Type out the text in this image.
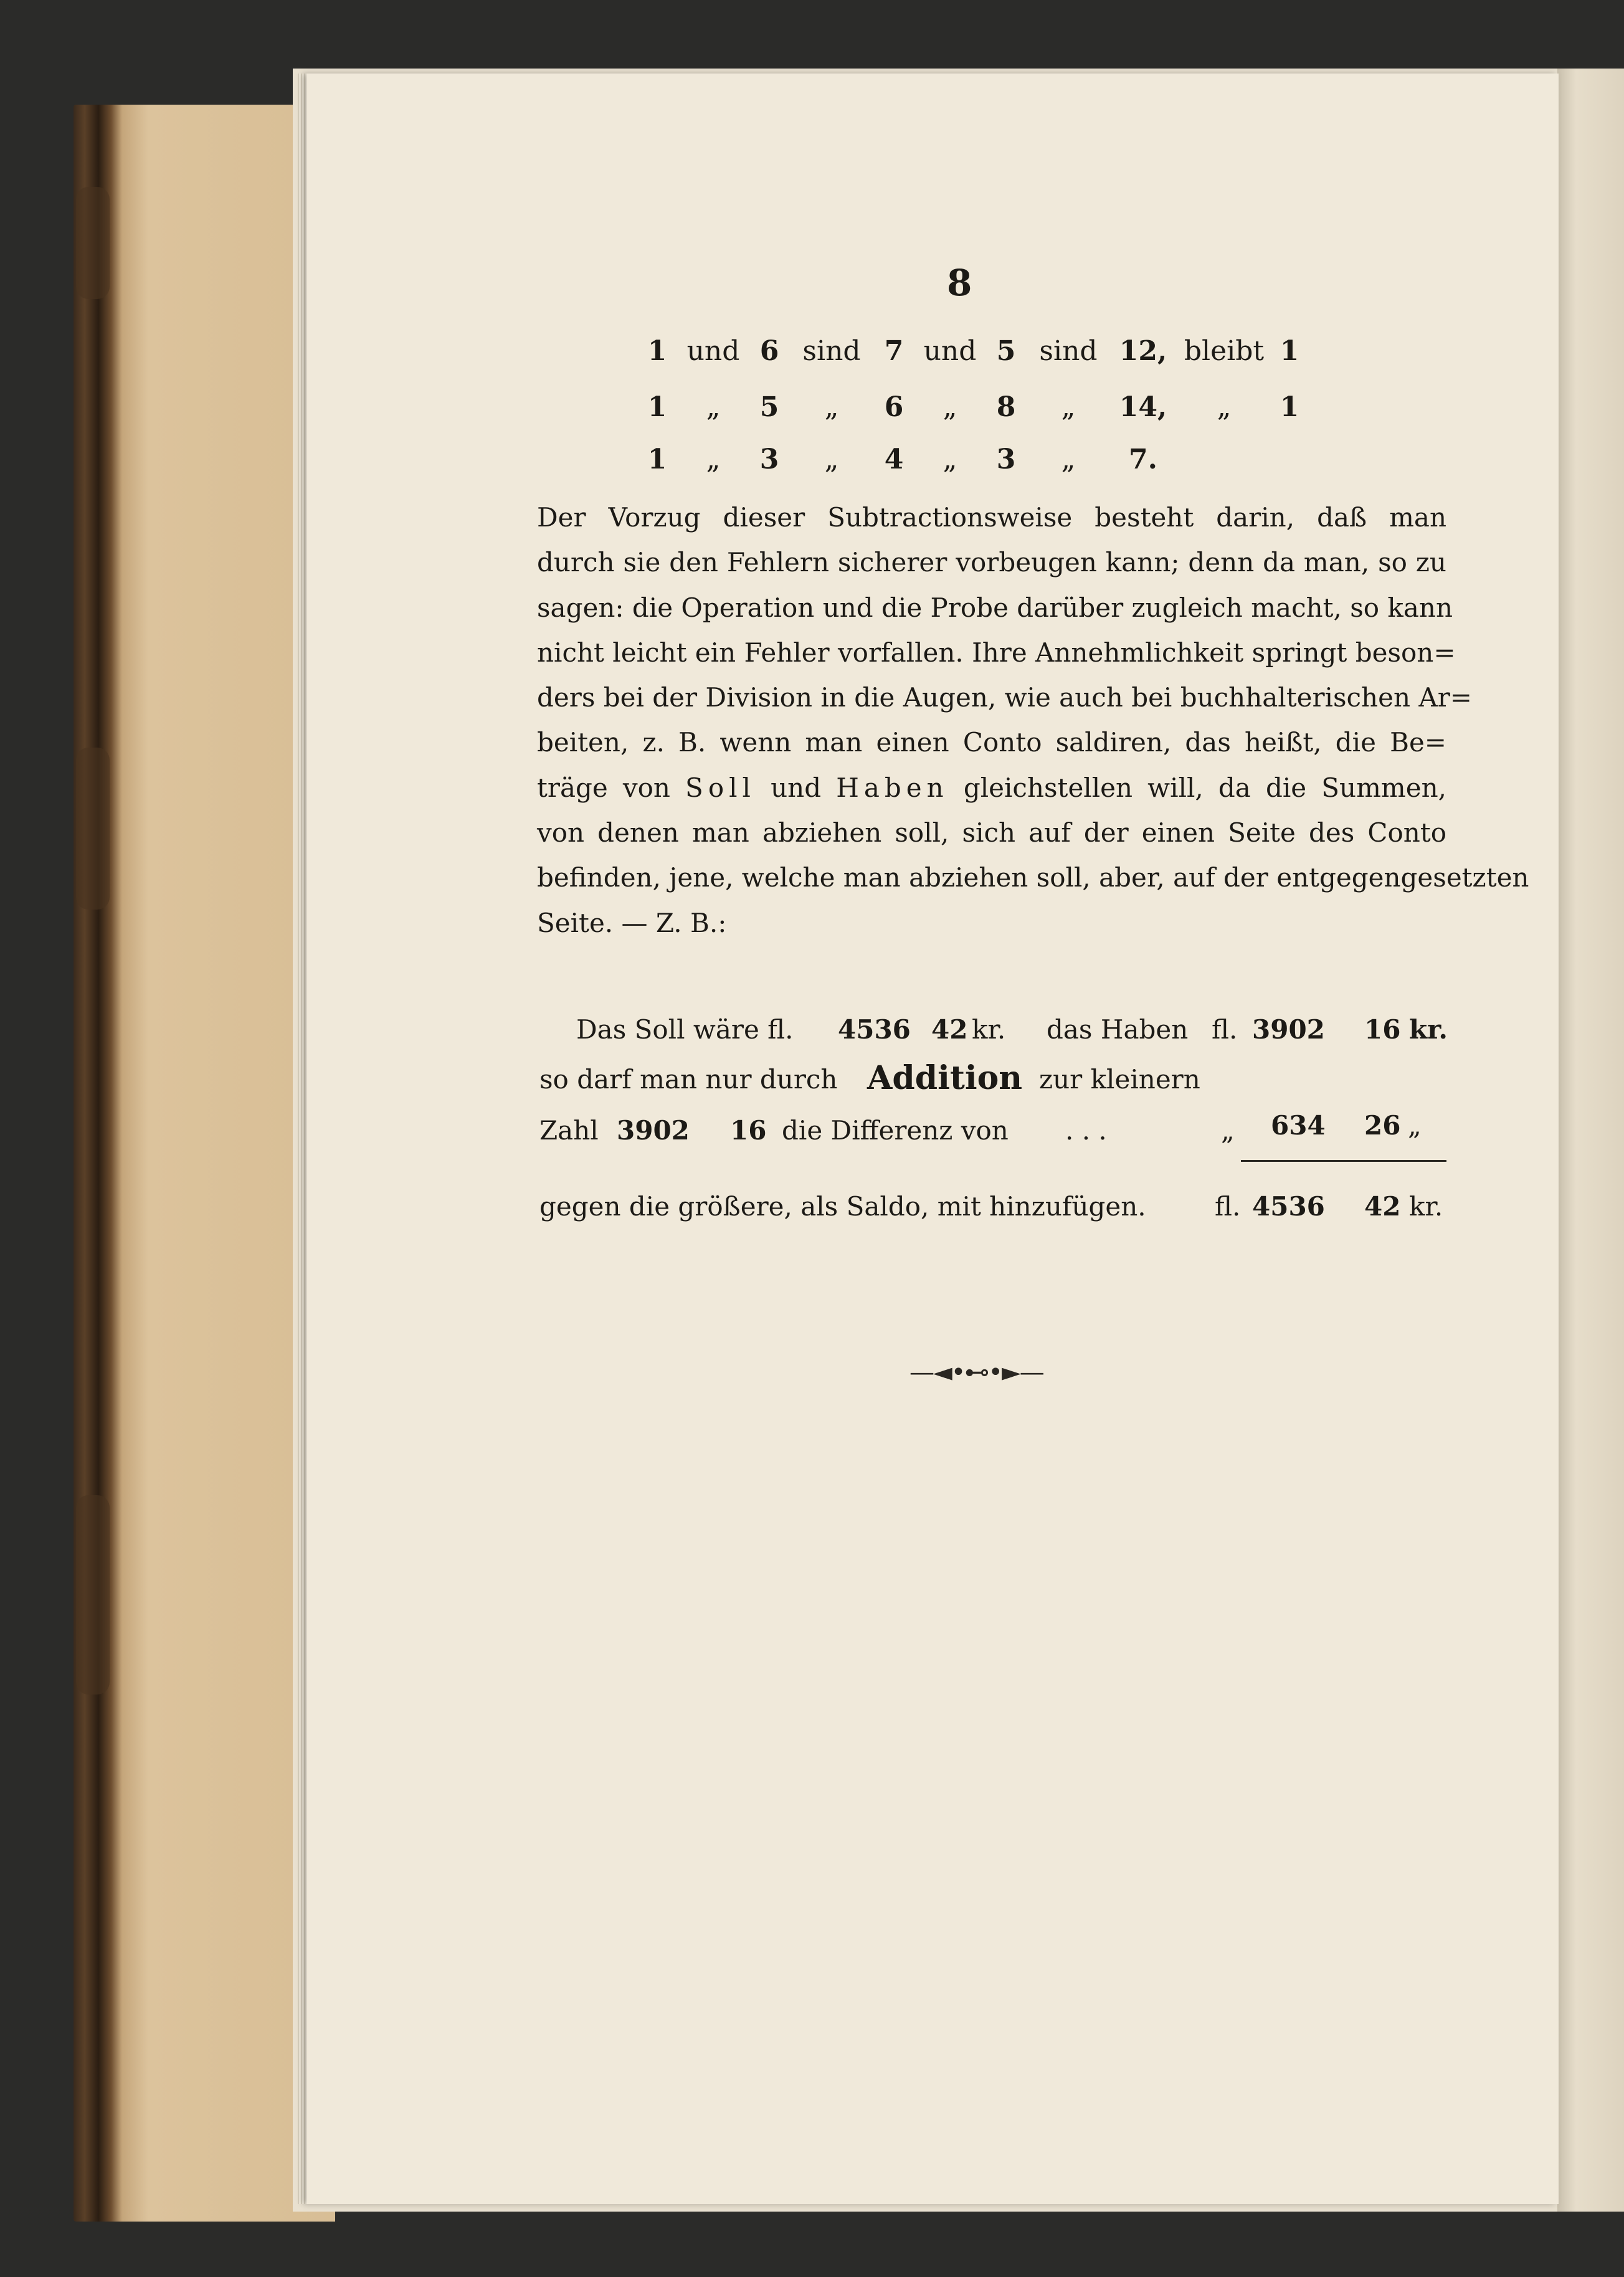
8
1 und 6 sind 7 und 5 sind 12, bleibt 1
1	„	5	„	6	„	8	„	14,	„	1
1	„	3	„	4	„	3	„	7.
Der Vorzug dieser Subtractionsweise besteht darin, daß man
durch sie den Fehlern sicherer vorbeugen kann; denn da man, so zu
sagen: die Operation und die Probe darüber zugleich macht, so kann
nicht leicht ein Fehler vorfallen. Ihre Annehmlichkeit springt beson=
ders bei der Division in die Augen, wie auch bei buchhalterischen Ar=
beiten, z. B. wenn man einen Conto saldiren, das heißt, die Be=
träge von Soll und Haben gleichstellen will, da die Summen,
von denen man abziehen soll, sich auf der einen Seite des Conto
befinden, jene, welche man abziehen soll, aber, auf der entgegengesetzten
Seite. — Z. B.:
Das Soll wäre fl. 4536 42 kr. das Haben fl. 3902 16 kr.
so darf man nur durch Addition zur kleinern
Zahl 3902 16 die Differenz von . . .	„ 634 26 „
gegen die größere, als Saldo, mit hinzufügen.	fl. 4536 42 kr.
—◄•⊷•►—
